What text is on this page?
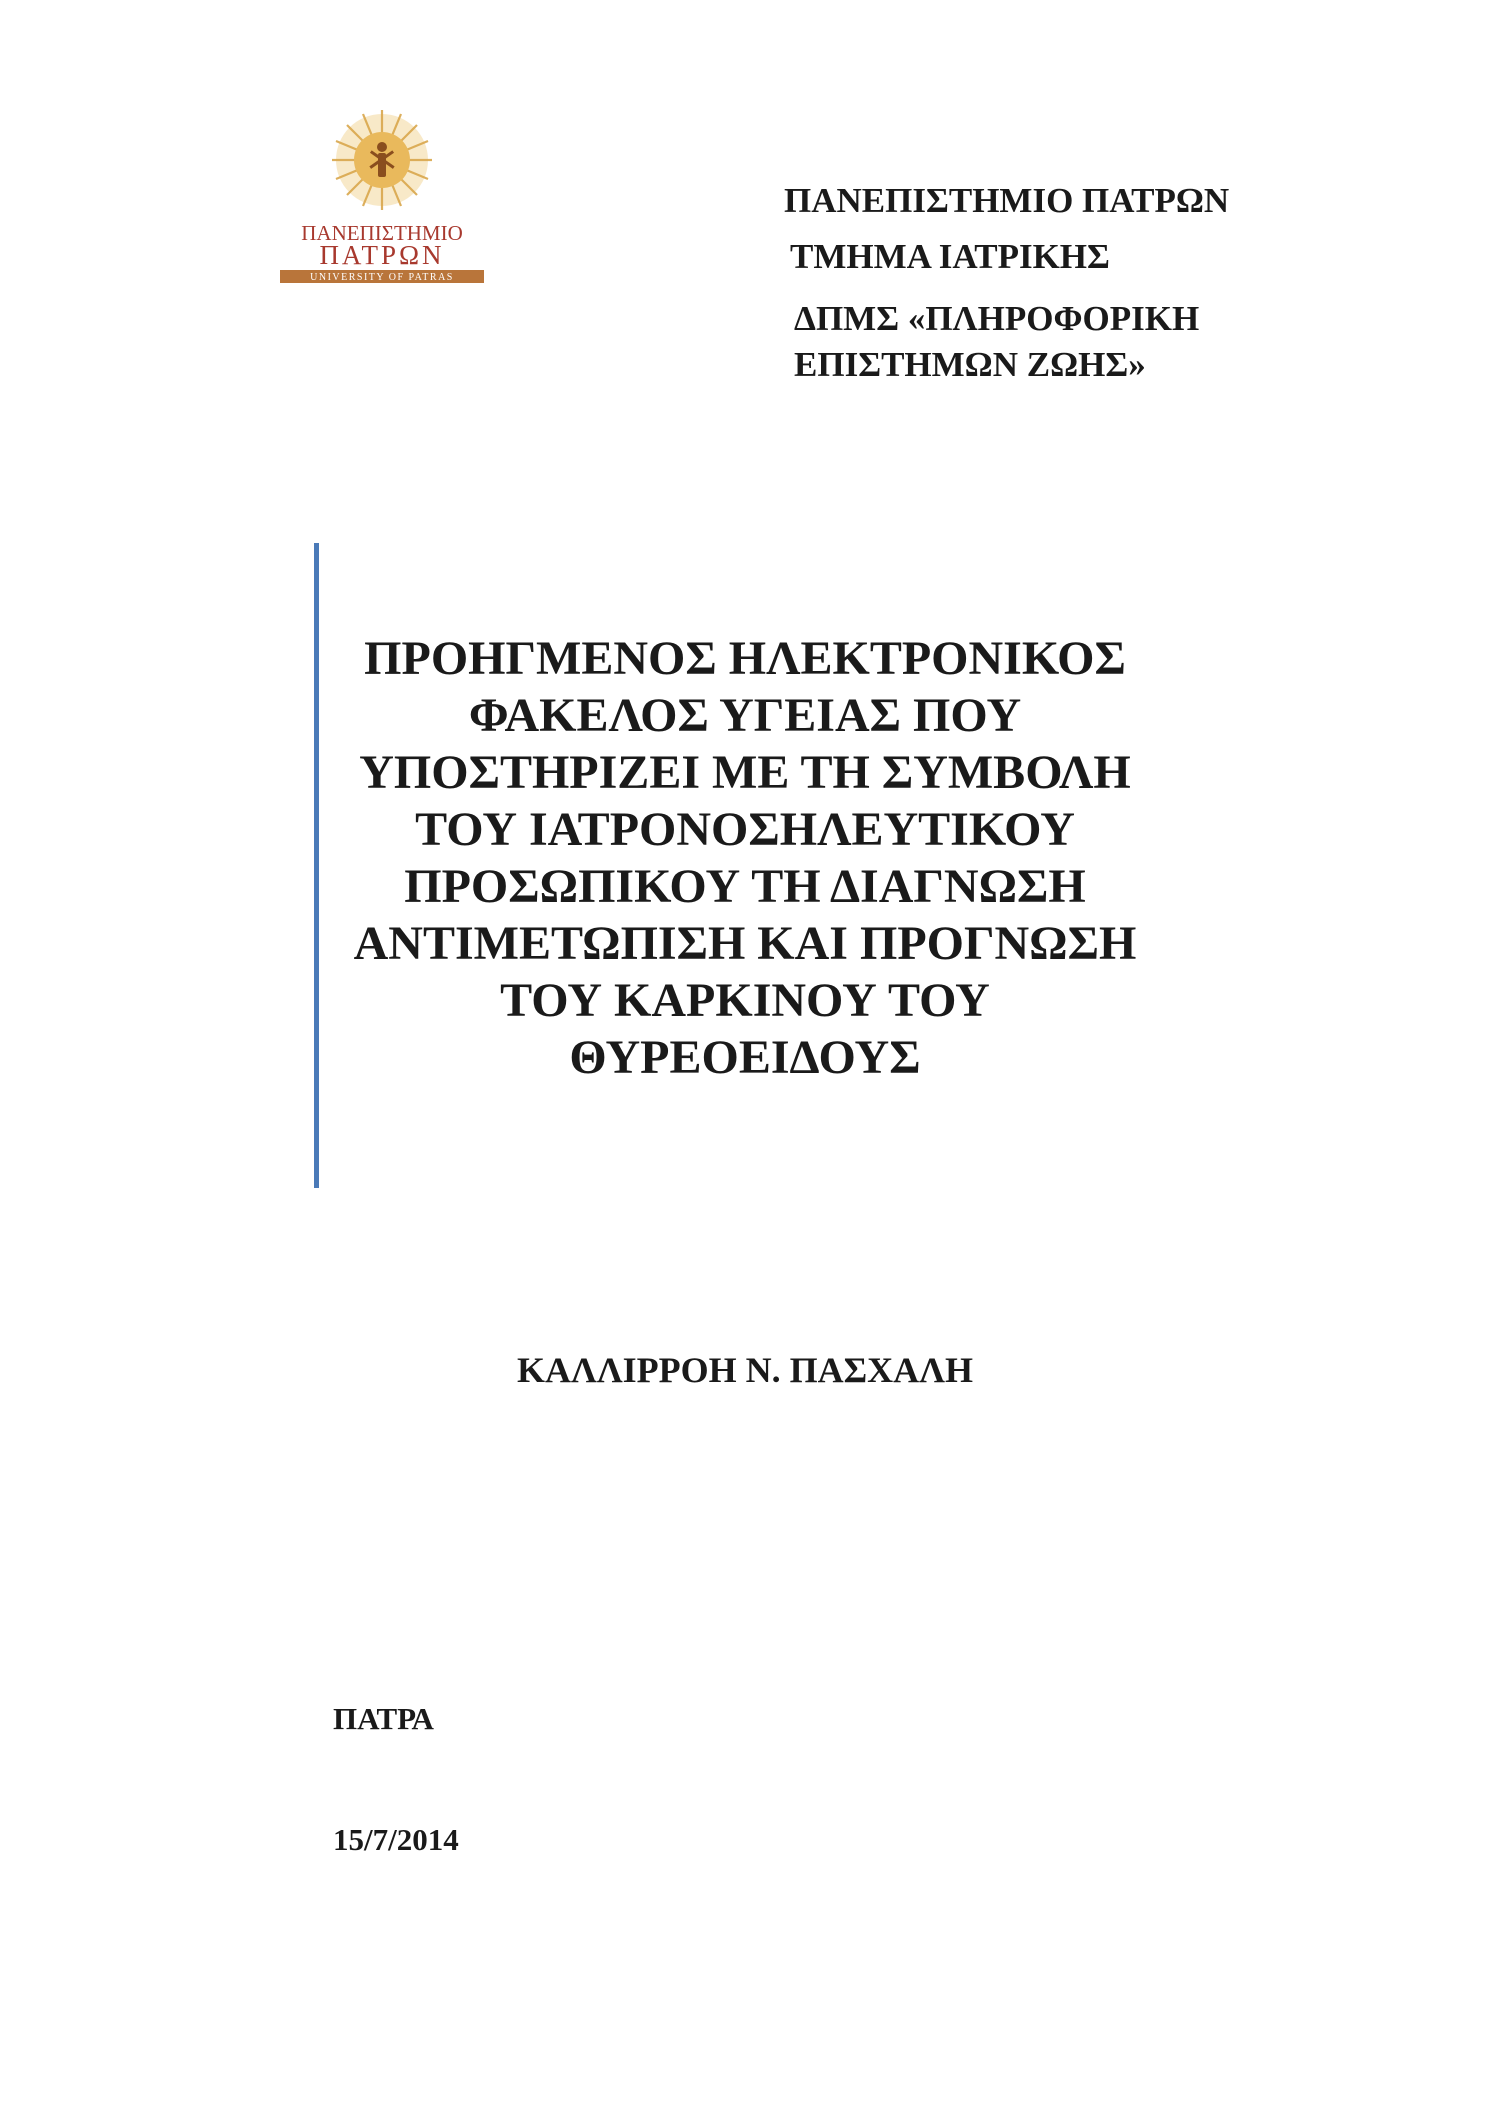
ΠΑΝΕΠΙΣΤΗΜΙΟ
ΠΑΤΡΩΝ
UNIVERSITY OF PATRAS
ΠΑΝΕΠΙΣΤΗΜΙΟ ΠΑΤΡΩΝ
ΤΜΗΜΑ ΙΑΤΡΙΚΗΣ
ΔΠΜΣ «ΠΛΗΡΟΦΟΡΙΚΗ
ΕΠΙΣΤΗΜΩΝ ΖΩΗΣ»
ΠΡΟΗΓΜΕΝΟΣ ΗΛΕΚΤΡΟΝΙΚΟΣ
ΦΑΚΕΛΟΣ ΥΓΕΙΑΣ ΠΟΥ
ΥΠΟΣΤΗΡΙΖΕΙ ΜΕ ΤΗ ΣΥΜΒΟΛΗ
ΤΟΥ ΙΑΤΡΟΝΟΣΗΛΕΥΤΙΚΟΥ
ΠΡΟΣΩΠΙΚΟΥ ΤΗ ΔΙΑΓΝΩΣΗ
ΑΝΤΙΜΕΤΩΠΙΣΗ ΚΑΙ ΠΡΟΓΝΩΣΗ
ΤΟΥ ΚΑΡΚΙΝΟΥ ΤΟΥ
ΘΥΡΕΟΕΙΔΟΥΣ
ΚΑΛΛΙΡΡΟΗ Ν. ΠΑΣΧΑΛΗ
ΠΑΤΡΑ
15/7/2014
